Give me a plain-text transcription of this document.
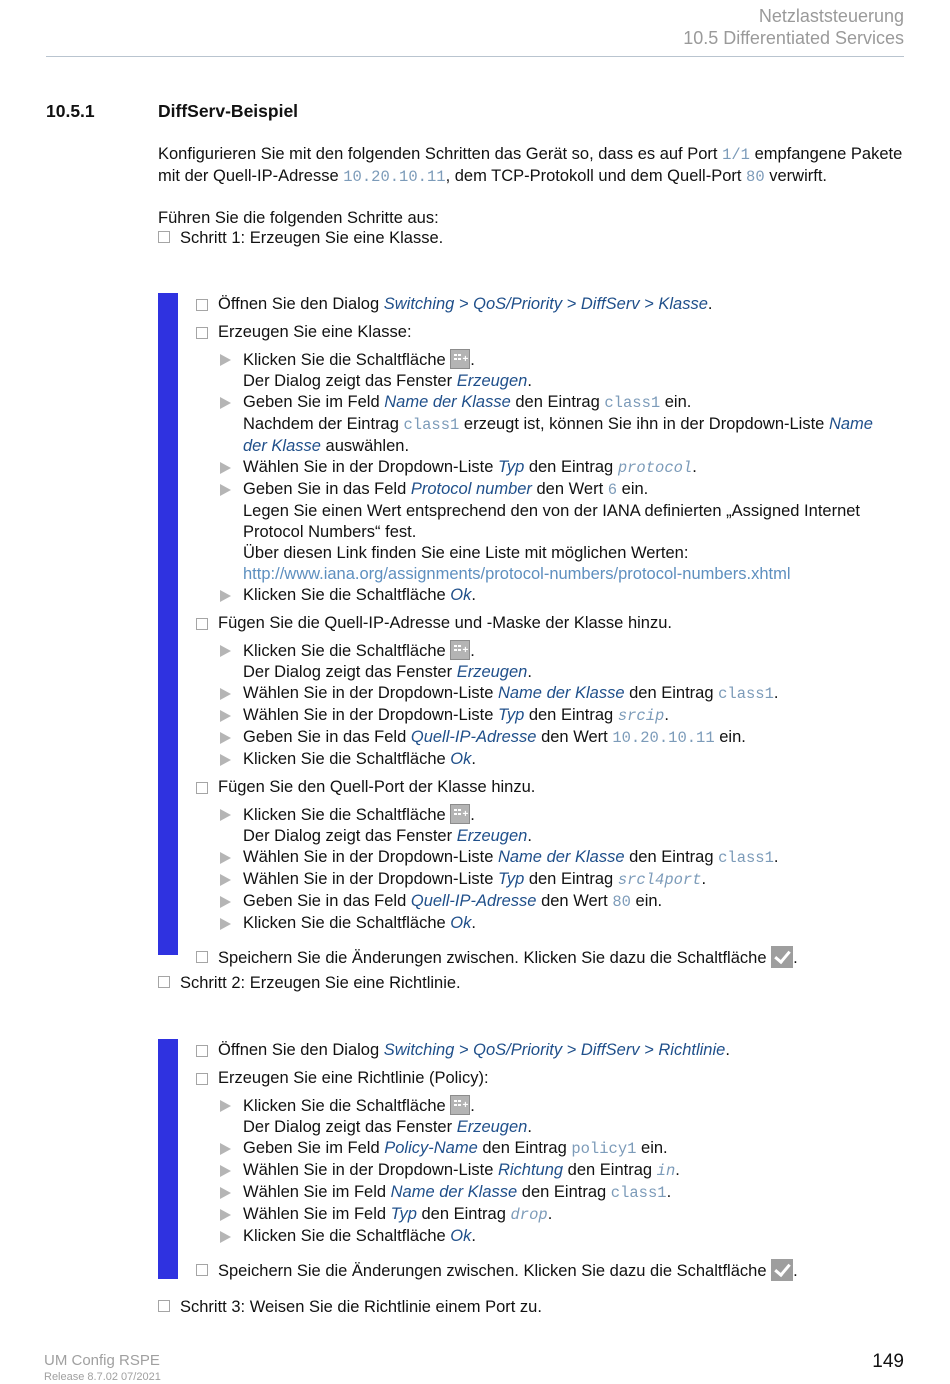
Netzlaststeuerung
10.5 Differentiated Services
10.5.1	DiffServ-Beispiel

Konfigurieren Sie mit den folgenden Schritten das Gerät so, dass es auf Port 1/1 empfangene Pakete mit der Quell-IP-Adresse 10.20.10.11, dem TCP-Protokoll und dem Quell-Port 80 verwirft.

Führen Sie die folgenden Schritte aus:

Schritt 1: Erzeugen Sie eine Klasse.
Öffnen Sie den Dialog Switching > QoS/Priority > DiffServ > Klasse.
Erzeugen Sie eine Klasse:
Klicken Sie die Schaltfläche +.
Der Dialog zeigt das Fenster Erzeugen.
Geben Sie im Feld Name der Klasse den Eintrag class1 ein.
Nachdem der Eintrag class1 erzeugt ist, können Sie ihn in der Dropdown-Liste Name
der Klasse auswählen.
Wählen Sie in der Dropdown-Liste Typ den Eintrag protocol.
Geben Sie in das Feld Protocol number den Wert 6 ein.
Legen Sie einen Wert entsprechend den von der IANA definierten „Assigned Internet Protocol Numbers“ fest.
Über diesen Link finden Sie eine Liste mit möglichen Werten:
http://www.iana.org/assignments/protocol-numbers/protocol-numbers.xhtml
Klicken Sie die Schaltfläche Ok.
Fügen Sie die Quell-IP-Adresse und -Maske der Klasse hinzu.
Klicken Sie die Schaltfläche +.
Der Dialog zeigt das Fenster Erzeugen.
Wählen Sie in der Dropdown-Liste Name der Klasse den Eintrag class1.
Wählen Sie in der Dropdown-Liste Typ den Eintrag srcip.
Geben Sie in das Feld Quell-IP-Adresse den Wert 10.20.10.11 ein.
Klicken Sie die Schaltfläche Ok.
Fügen Sie den Quell-Port der Klasse hinzu.
Klicken Sie die Schaltfläche +.
Der Dialog zeigt das Fenster Erzeugen.
Wählen Sie in der Dropdown-Liste Name der Klasse den Eintrag class1.
Wählen Sie in der Dropdown-Liste Typ den Eintrag srcl4port.
Geben Sie in das Feld Quell-IP-Adresse den Wert 80 ein.
Klicken Sie die Schaltfläche Ok.
Speichern Sie die Änderungen zwischen. Klicken Sie dazu die Schaltfläche .
Schritt 2: Erzeugen Sie eine Richtlinie.
Öffnen Sie den Dialog Switching > QoS/Priority > DiffServ > Richtlinie.
Erzeugen Sie eine Richtlinie (Policy):
Klicken Sie die Schaltfläche +.
Der Dialog zeigt das Fenster Erzeugen.
Geben Sie im Feld Policy-Name den Eintrag policy1 ein.
Wählen Sie in der Dropdown-Liste Richtung den Eintrag in.
Wählen Sie im Feld Name der Klasse den Eintrag class1.
Wählen Sie im Feld Typ den Eintrag drop.
Klicken Sie die Schaltfläche Ok.
Speichern Sie die Änderungen zwischen. Klicken Sie dazu die Schaltfläche .
Schritt 3: Weisen Sie die Richtlinie einem Port zu.
UM Config RSPE
Release 8.7.02 07/2021
149
